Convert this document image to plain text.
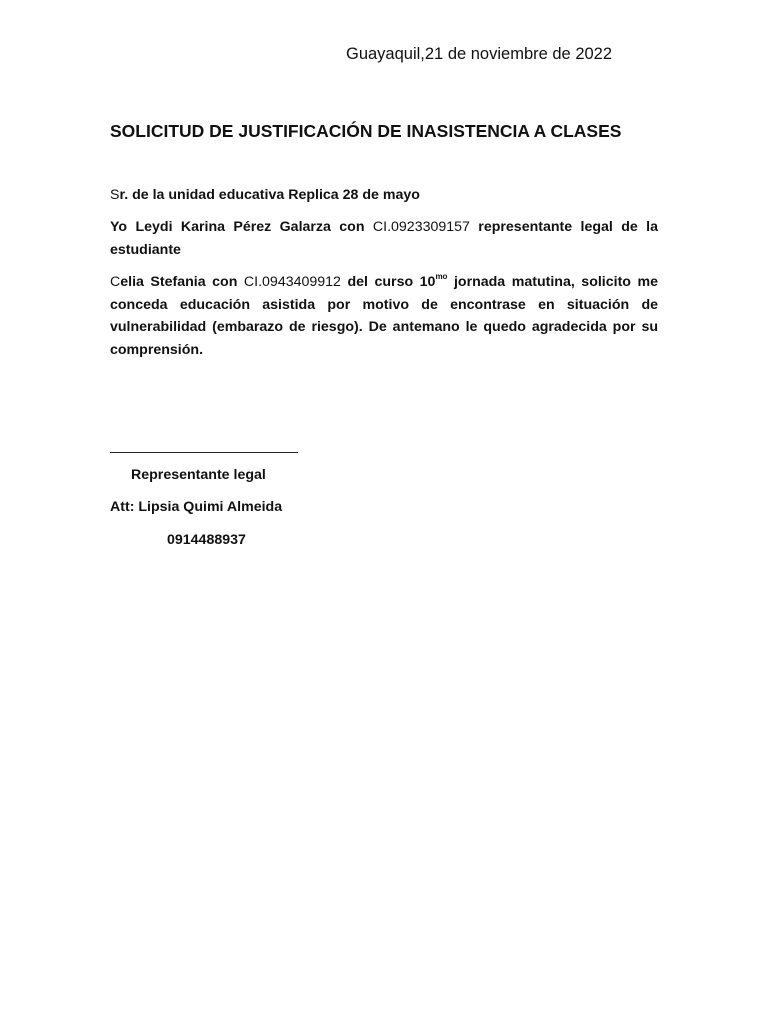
Guayaquil,21 de noviembre de 2022
SOLICITUD DE JUSTIFICACIÓN DE INASISTENCIA A CLASES
Sr. de la unidad educativa Replica 28 de mayo
Yo Leydi Karina Pérez Galarza con CI.0923309157 representante legal de la estudiante
Celia Stefania con CI.0943409912 del curso $10^{mo}$ jornada matutina, solicito me conceda educación asistida por motivo de encontrase en situación de vulnerabilidad (embarazo de riesgo). De antemano le quedo agradecida por su comprensión.
Representante legal
Att: Lipsia Quimi Almeida
0914488937
